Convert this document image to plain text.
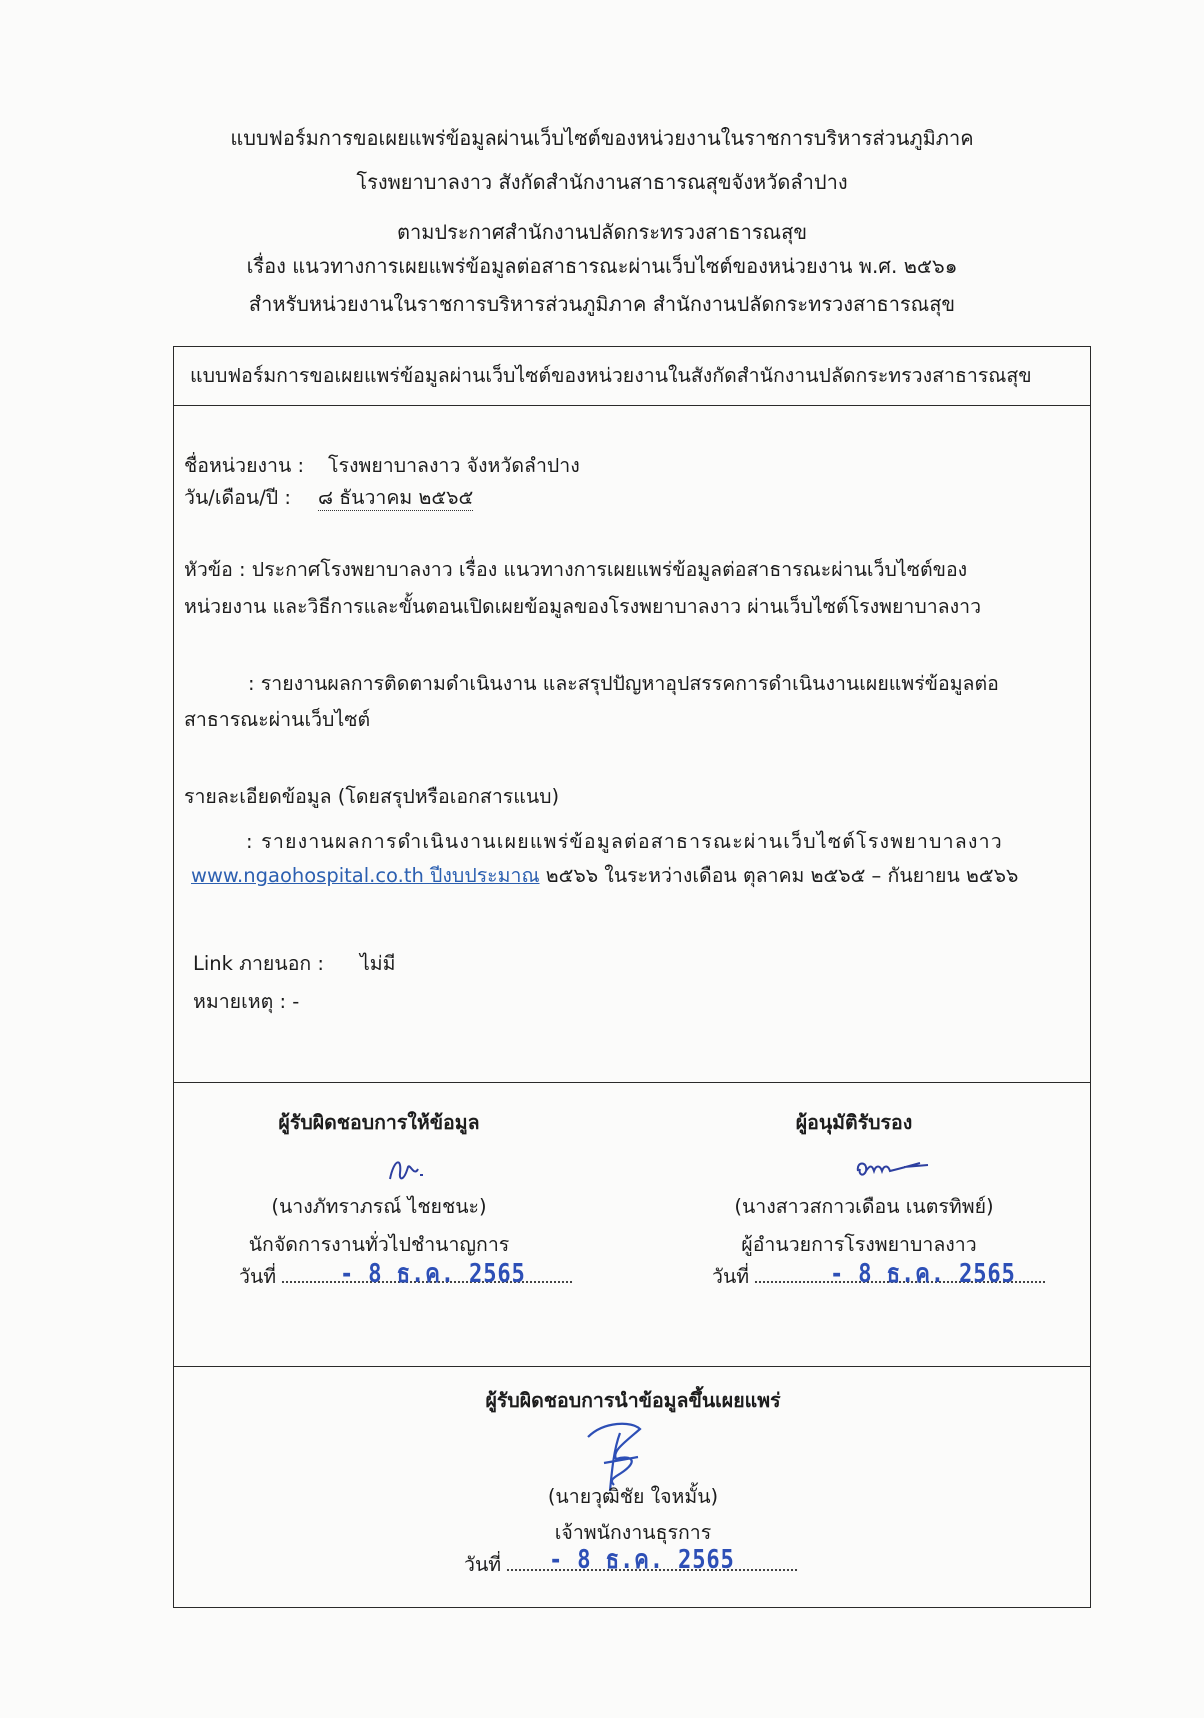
แบบฟอร์มการขอเผยแพร่ข้อมูลผ่านเว็บไซต์ของหน่วยงานในราชการบริหารส่วนภูมิภาค

โรงพยาบาลงาว สังกัดสำนักงานสาธารณสุขจังหวัดลำปาง

ตามประกาศสำนักงานปลัดกระทรวงสาธารณสุข

เรื่อง แนวทางการเผยแพร่ข้อมูลต่อสาธารณะผ่านเว็บไซต์ของหน่วยงาน พ.ศ. ๒๕๖๑

สำหรับหน่วยงานในราชการบริหารส่วนภูมิภาค สำนักงานปลัดกระทรวงสาธารณสุข

แบบฟอร์มการขอเผยแพร่ข้อมูลผ่านเว็บไซต์ของหน่วยงานในสังกัดสำนักงานปลัดกระทรวงสาธารณสุข
ชื่อหน่วยงาน : โรงพยาบาลงาว จังหวัดลำปาง
วัน/เดือน/ปี : ๘ ธันวาคม ๒๕๖๕
หัวข้อ : ประกาศโรงพยาบาลงาว เรื่อง แนวทางการเผยแพร่ข้อมูลต่อสาธารณะผ่านเว็บไซต์ของ
หน่วยงาน และวิธีการและขั้นตอนเปิดเผยข้อมูลของโรงพยาบาลงาว ผ่านเว็บไซต์โรงพยาบาลงาว
: รายงานผลการติดตามดำเนินงาน และสรุปปัญหาอุปสรรคการดำเนินงานเผยแพร่ข้อมูลต่อ
สาธารณะผ่านเว็บไซต์
รายละเอียดข้อมูล (โดยสรุปหรือเอกสารแนบ)
: รายงานผลการดำเนินงานเผยแพร่ข้อมูลต่อสาธารณะผ่านเว็บไซต์โรงพยาบาลงาว
www.ngaohospital.co.th ปีงบประมาณ ๒๕๖๖ ในระหว่างเดือน ตุลาคม ๒๕๖๕ – กันยายน ๒๕๖๖
Link ภายนอก : ไม่มี
หมายเหตุ : -
ผู้รับผิดชอบการให้ข้อมูล
(นางภัทราภรณ์ ไชยชนะ)
นักจัดการงานทั่วไปชำนาญการ
วันที่	- 8 ธ.ค. 2565
ผู้อนุมัติรับรอง
(นางสาวสกาวเดือน เนตรทิพย์)
ผู้อำนวยการโรงพยาบาลงาว
วันที่	- 8 ธ.ค. 2565
ผู้รับผิดชอบการนำข้อมูลขึ้นเผยแพร่
(นายวุฒิชัย ใจหมั้น)
เจ้าพนักงานธุรการ
วันที่	- 8 ธ.ค. 2565
